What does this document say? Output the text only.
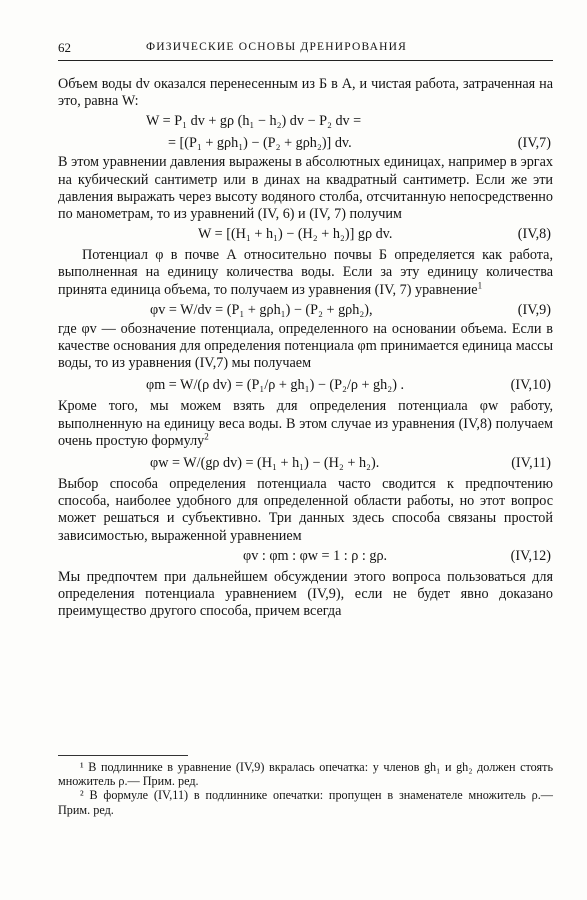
62	ФИЗИЧЕСКИЕ ОСНОВЫ ДРЕНИРОВАНИЯ

Объем воды dv оказался перенесенным из Б в А, и чистая работа, затраченная на это, равна W:

W = P₁ dv + gρ (h₁ − h₂) dv − P₂ dv =
= [(P₁ + gρh₁) − (P₂ + gρh₂)] dv.	(IV,7)

В этом уравнении давления выражены в абсолютных единицах, например в эргах на кубический сантиметр или в динах на квадратный сантиметр. Если же эти давления выражать через высоту водяного столба, отсчитанную непосредственно по манометрам, то из уравнений (IV, 6) и (IV, 7) получим

W = [(H₁ + h₁) − (H₂ + h₂)] gρ dv.	(IV,8)

Потенциал φ в почве А относительно почвы Б определяется как работа, выполненная на единицу количества воды. Если за эту единицу количества принята единица объема, то получаем из уравнения (IV, 7) уравнение$^1$

φv = W/dv = (P₁ + gρh₁) − (P₂ + gρh₂),	(IV,9)

где φv — обозначение потенциала, определенного на основании объема. Если в качестве основания для определения потенциала φm принимается единица массы воды, то из уравнения (IV,7) мы получаем

φm = W/(ρ dv) = (P₁/ρ + gh₁) − (P₂/ρ + gh₂) .	(IV,10)

Кроме того, мы можем взять для определения потенциала φw работу, выполненную на единицу веса воды. В этом случае из уравнения (IV,8) получаем очень простую формулу$^2$

φw = W/(gρ dv) = (H₁ + h₁) − (H₂ + h₂).	(IV,11)

Выбор способа определения потенциала часто сводится к предпочтению способа, наиболее удобного для определенной области работы, но этот вопрос может решаться и субъективно. Три данных здесь способа связаны простой зависимостью, выраженной уравнением

φv : φm : φw = 1 : ρ : gρ.	(IV,12)

Мы предпочтем при дальнейшем обсуждении этого вопроса пользоваться для определения потенциала уравнением (IV,9), если не будет явно доказано преимущество другого способа, причем всегда

¹ В подлиннике в уравнение (IV,9) вкралась опечатка: у членов gh₁ и gh₂ должен стоять множитель ρ.— Прим. ред.

² В формуле (IV,11) в подлиннике опечатки: пропущен в знаменателе множитель ρ.— Прим. ред.
